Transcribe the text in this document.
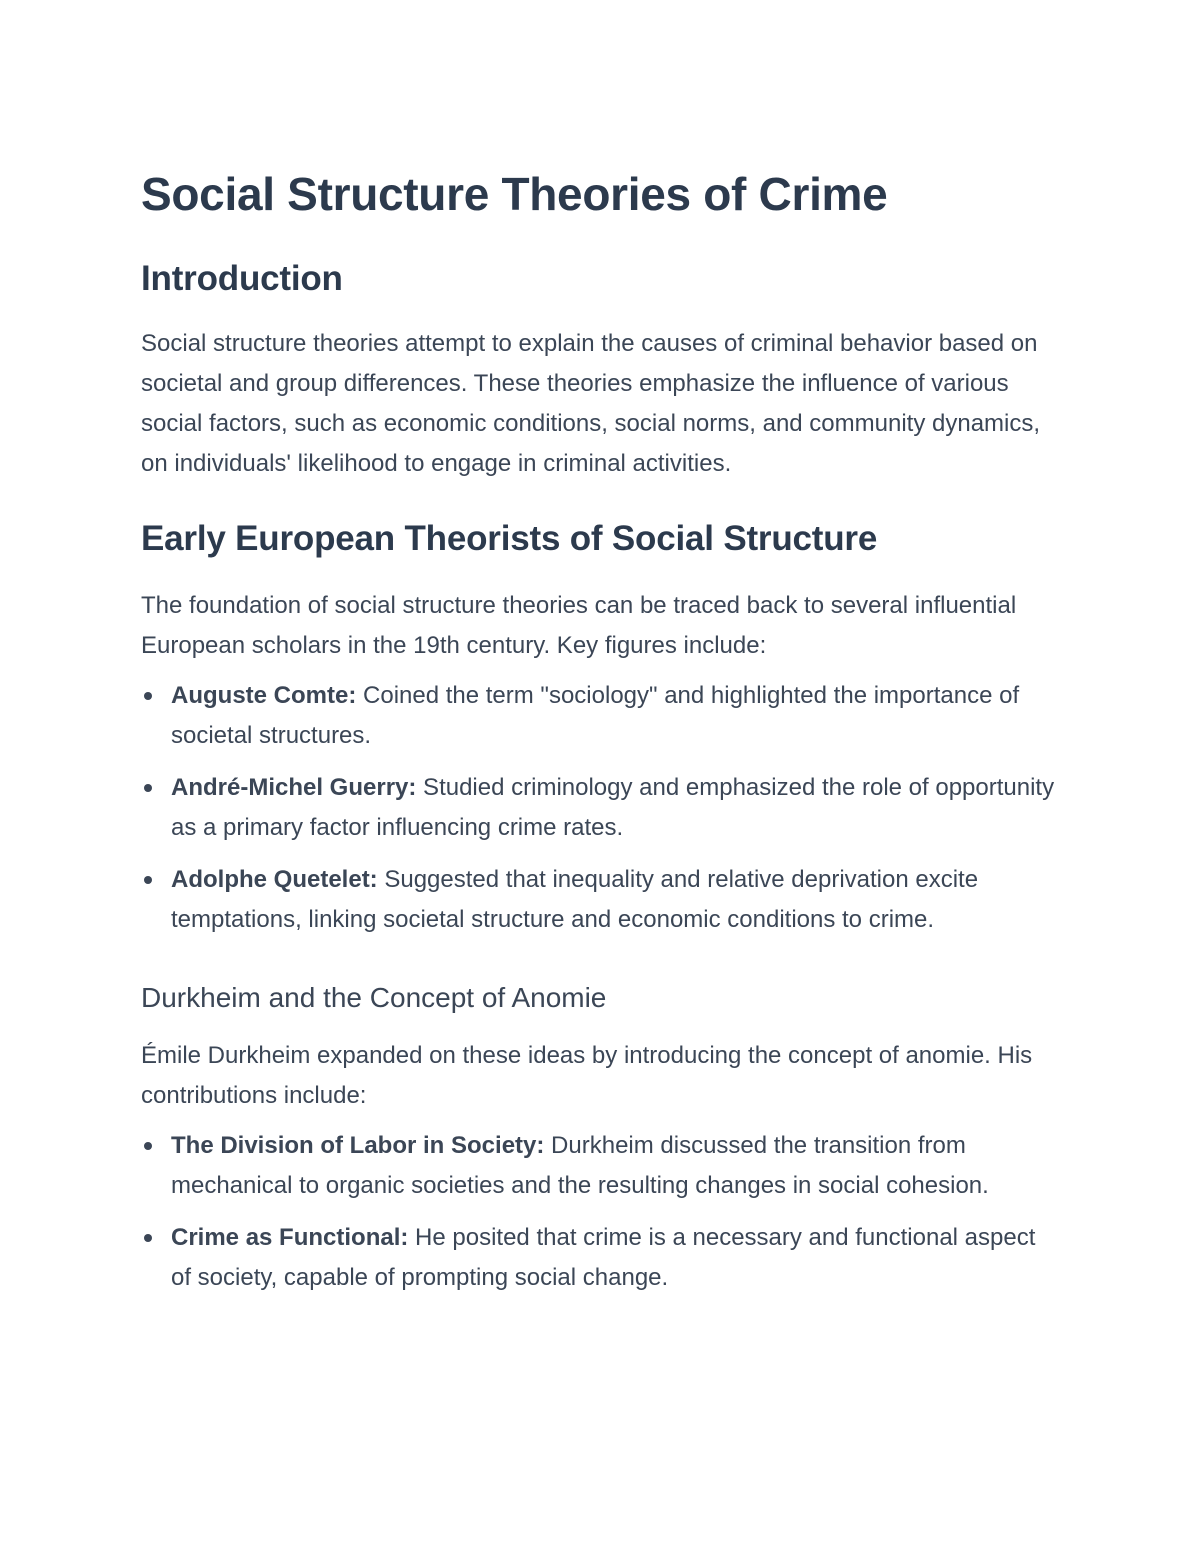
Social Structure Theories of Crime
Introduction

Social structure theories attempt to explain the causes of criminal behavior based on societal and group differences. These theories emphasize the influence of various social factors, such as economic conditions, social norms, and community dynamics, on individuals' likelihood to engage in criminal activities.

Early European Theorists of Social Structure

The foundation of social structure theories can be traced back to several influential European scholars in the 19th century. Key figures include:

Auguste Comte: Coined the term "sociology" and highlighted the importance of societal structures.
André-Michel Guerry: Studied criminology and emphasized the role of opportunity as a primary factor influencing crime rates.
Adolphe Quetelet: Suggested that inequality and relative deprivation excite temptations, linking societal structure and economic conditions to crime.
Durkheim and the Concept of Anomie

Émile Durkheim expanded on these ideas by introducing the concept of anomie. His contributions include:

The Division of Labor in Society: Durkheim discussed the transition from mechanical to organic societies and the resulting changes in social cohesion.
Crime as Functional: He posited that crime is a necessary and functional aspect of society, capable of prompting social change.
